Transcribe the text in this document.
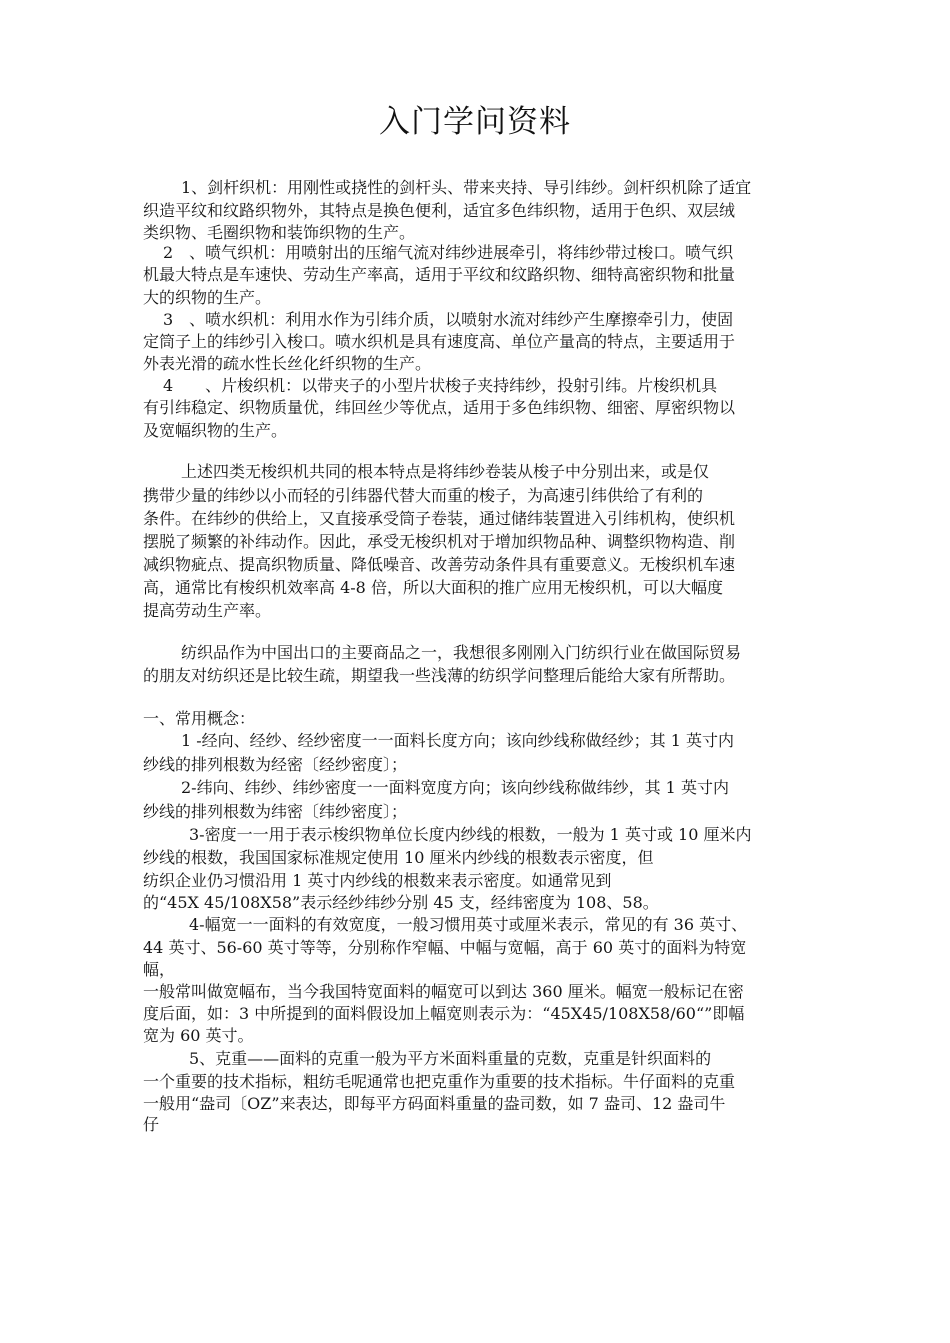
入门学问资料
1、剑杆织机：用刚性或挠性的剑杆头、带来夹持、导引纬纱。剑杆织机除了适宜
织造平纹和纹路织物外，其特点是换色便利，适宜多色纬织物，适用于色织、双层绒
类织物、毛圈织物和装饰织物的生产。
2　、喷气织机：用喷射出的压缩气流对纬纱进展牵引，将纬纱带过梭口。喷气织
机最大特点是车速快、劳动生产率高，适用于平纹和纹路织物、细特高密织物和批量
大的织物的生产。
3　、喷水织机：利用水作为引纬介质，以喷射水流对纬纱产生摩擦牵引力，使固
定筒子上的纬纱引入梭口。喷水织机是具有速度高、单位产量高的特点，主要适用于
外表光滑的疏水性长丝化纤织物的生产。
4　　、片梭织机：以带夹子的小型片状梭子夹持纬纱，投射引纬。片梭织机具
有引纬稳定、织物质量优，纬回丝少等优点，适用于多色纬织物、细密、厚密织物以
及宽幅织物的生产。
上述四类无梭织机共同的根本特点是将纬纱卷装从梭子中分别出来，或是仅
携带少量的纬纱以小而轻的引纬器代替大而重的梭子，为高速引纬供给了有利的
条件。在纬纱的供给上，又直接承受筒子卷装，通过储纬装置进入引纬机构，使织机
摆脱了频繁的补纬动作。因此，承受无梭织机对于增加织物品种、调整织物构造、削
减织物疵点、提高织物质量、降低噪音、改善劳动条件具有重要意义。无梭织机车速
高，通常比有梭织机效率高 4-8 倍，所以大面积的推广应用无梭织机，可以大幅度
提高劳动生产率。
纺织品作为中国出口的主要商品之一，我想很多刚刚入门纺织行业在做国际贸易
的朋友对纺织还是比较生疏，期望我一些浅薄的纺织学问整理后能给大家有所帮助。
一、常用概念：
1 -经向、经纱、经纱密度一一面料长度方向；该向纱线称做经纱；其 1 英寸内
纱线的排列根数为经密〔经纱密度〕；
2-纬向、纬纱、纬纱密度一一面料宽度方向；该向纱线称做纬纱，其 1 英寸内
纱线的排列根数为纬密〔纬纱密度〕；
3-密度一一用于表示梭织物单位长度内纱线的根数，一般为 1 英寸或 10 厘米内
纱线的根数，我国国家标准规定使用 10 厘米内纱线的根数表示密度，但
纺织企业仍习惯沿用 1 英寸内纱线的根数来表示密度。如通常见到
的“45X 45/108X58”表示经纱纬纱分别 45 支，经纬密度为 108、58。
4-幅宽一一面料的有效宽度，一般习惯用英寸或厘米表示，常见的有 36 英寸、
44 英寸、56-60 英寸等等，分别称作窄幅、中幅与宽幅，高于 60 英寸的面料为特宽
幅，
一般常叫做宽幅布，当今我国特宽面料的幅宽可以到达 360 厘米。幅宽一般标记在密
度后面，如：3 中所提到的面料假设加上幅宽则表示为：“45X45/108X58/60“”即幅
宽为 60 英寸。
5、克重——面料的克重一般为平方米面料重量的克数，克重是针织面料的
一个重要的技术指标，粗纺毛呢通常也把克重作为重要的技术指标。牛仔面料的克重
一般用“盎司〔OZ”来表达，即每平方码面料重量的盎司数，如 7 盎司、12 盎司牛
仔
